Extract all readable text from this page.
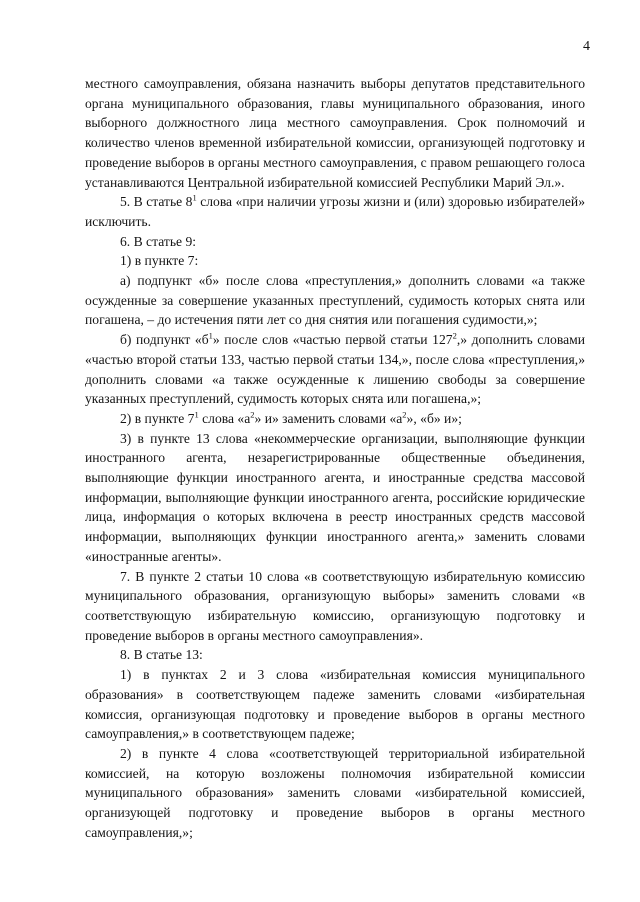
4

местного самоуправления, обязана назначить выборы депутатов представительного органа муниципального образования, главы муниципального образования, иного выборного должностного лица местного самоуправления. Срок полномочий и количество членов временной избирательной комиссии, организующей подготовку и проведение выборов в органы местного самоуправления, с правом решающего голоса устанавливаются Центральной избирательной комиссией Республики Марий Эл.».

5. В статье $8^1$ слова «при наличии угрозы жизни и (или) здоровью избирателей» исключить.

6. В статье 9:

1) в пункте 7:

а) подпункт «б» после слова «преступления,» дополнить словами «а также осужденные за совершение указанных преступлений, судимость которых снята или погашена, – до истечения пяти лет со дня снятия или погашения судимости,»;

б) подпункт «$б^1$» после слов «частью первой статьи $127^2$,» дополнить словами «частью второй статьи 133, частью первой статьи 134,», после слова «преступления,» дополнить словами «а также осужденные к лишению свободы за совершение указанных преступлений, судимость которых снята или погашена,»;

2) в пункте $7^1$ слова «$а^2$» и» заменить словами «$а^2$», «б» и»;

3) в пункте 13 слова «некоммерческие организации, выполняющие функции иностранного агента, незарегистрированные общественные объединения, выполняющие функции иностранного агента, и иностранные средства массовой информации, выполняющие функции иностранного агента, российские юридические лица, информация о которых включена в реестр иностранных средств массовой информации, выполняющих функции иностранного агента,» заменить словами «иностранные агенты».

7. В пункте 2 статьи 10 слова «в соответствующую избирательную комиссию муниципального образования, организующую выборы» заменить словами «в соответствующую избирательную комиссию, организующую подготовку и проведение выборов в органы местного самоуправления».

8. В статье 13:

1) в пунктах 2 и 3 слова «избирательная комиссия муниципального образования» в соответствующем падеже заменить словами «избирательная комиссия, организующая подготовку и проведение выборов в органы местного самоуправления,» в соответствующем падеже;

2) в пункте 4 слова «соответствующей территориальной избирательной комиссией, на которую возложены полномочия избирательной комиссии муниципального образования» заменить словами «избирательной комиссией, организующей подготовку и проведение выборов в органы местного самоуправления,»;
